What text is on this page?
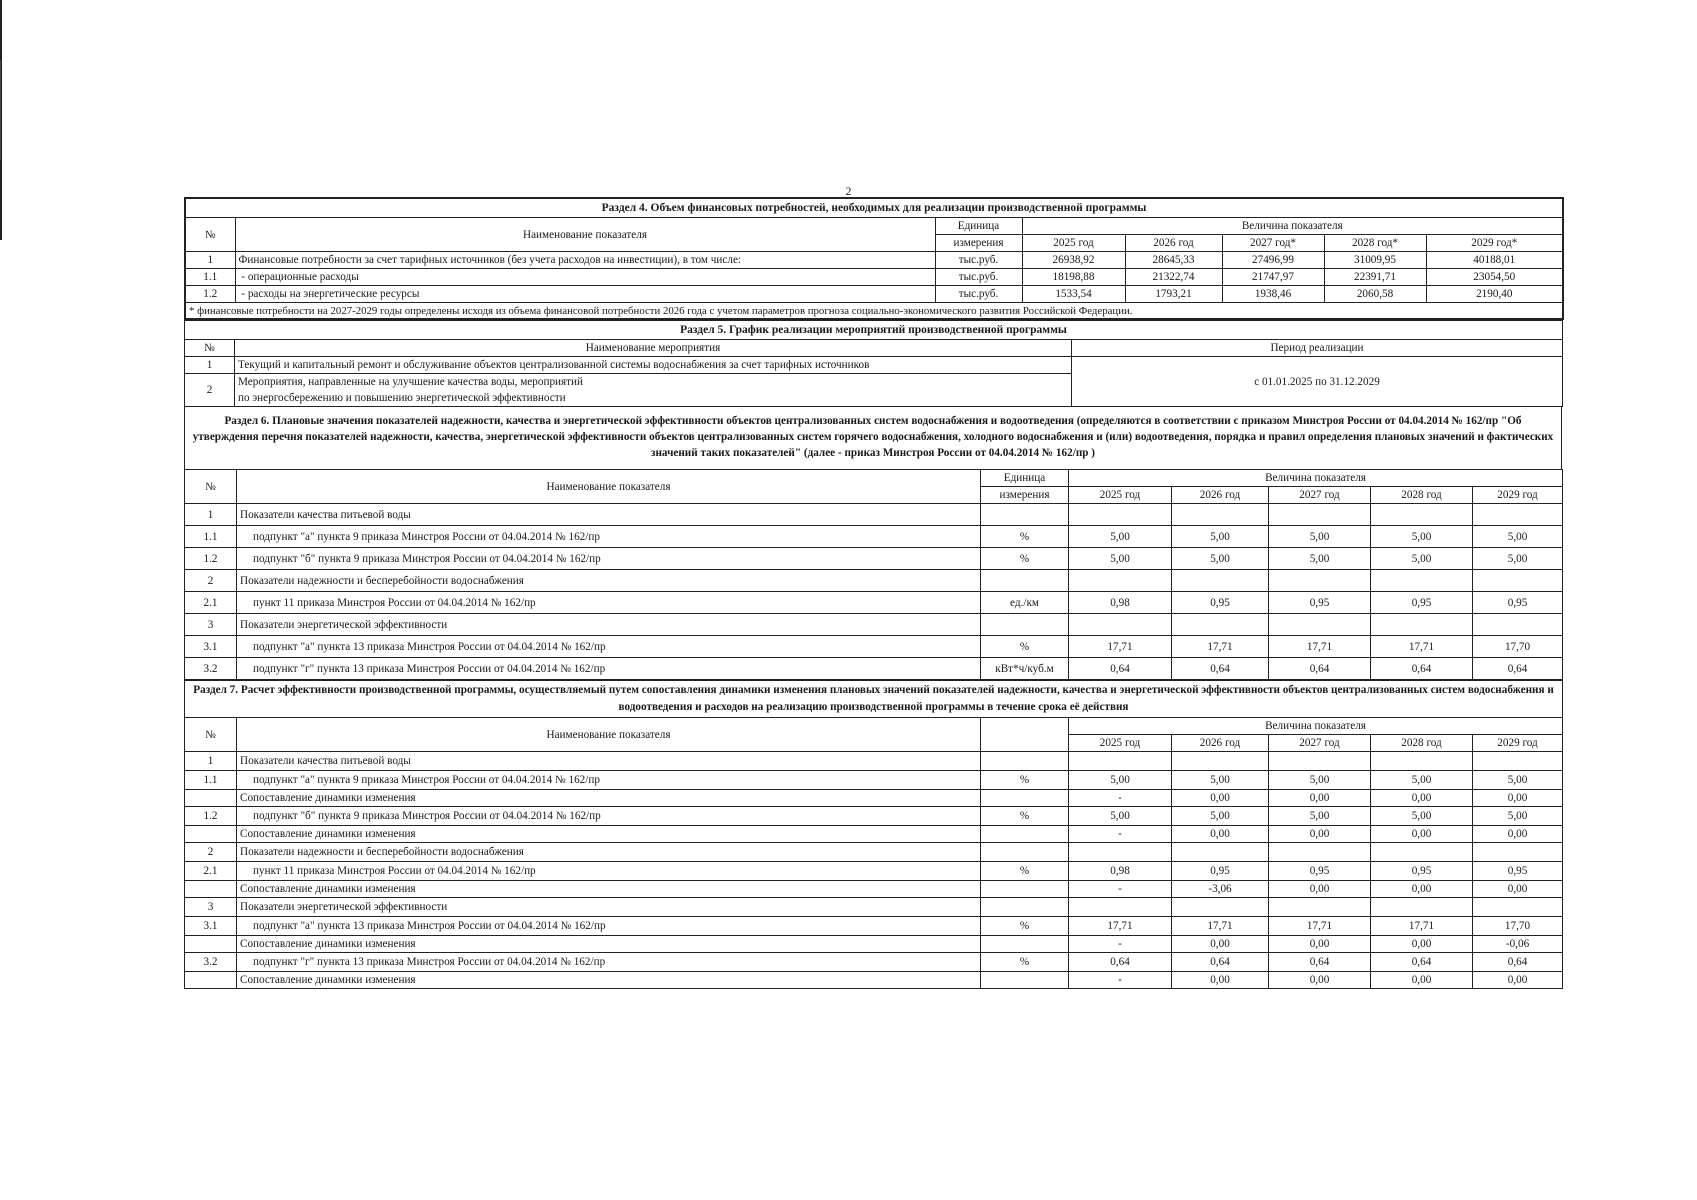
2
Раздел 4. Объем финансовых потребностей, необходимых для реализации производственной программы							
№	Наименование показателя	Единица	Величина показателя				
		измерения	2025 год	2026 год	2027 год*	2028 год*	2029 год*
1	Финансовые потребности за счет тарифных источников (без учета расходов на инвестиции), в том числе:	тыс.руб.	26938,92	28645,33	27496,99	31009,95	40188,01
1.1	- операционные расходы	тыс.руб.	18198,88	21322,74	21747,97	22391,71	23054,50
1.2	- расходы на энергетические ресурсы	тыс.руб.	1533,54	1793,21	1938,46	2060,58	2190,40
* финансовые потребности на 2027-2029 годы определены исходя из объема финансовой потребности 2026 года с учетом параметров прогноза социально-экономического развития Российской Федерации.							
Раздел 5. График реализации мероприятий производственной программы		
№	Наименование мероприятия	Период реализации
1	Текущий и капитальный ремонт и обслуживание объектов централизованной системы водоснабжения за счет тарифных источников	с 01.01.2025 по 31.12.2029
2	Мероприятия, направленные на улучшение качества воды, мероприятий
по энергосбережению и повышению энергетической эффективности	
Раздел 6. Плановые значения показателей надежности, качества и энергетической эффективности объектов централизованных систем водоснабжения и водоотведения (определяются в соответствии с приказом Минстроя России от 04.04.2014 № 162/пр "Об утверждения перечня показателей надежности, качества, энергетической эффективности объектов централизованных систем горячего водоснабжения, холодного водоснабжения и (или) водоотведения, порядка и правил определения плановых значений и фактических значений таких показателей" (далее - приказ Минстроя России от 04.04.2014 № 162/пр )
№	Наименование показателя	Единица	Величина показателя				
		измерения	2025 год	2026 год	2027 год	2028 год	2029 год
1	Показатели качества питьевой воды						
1.1	подпункт "а" пункта 9 приказа Минстроя России от 04.04.2014 № 162/пр	%	5,00	5,00	5,00	5,00	5,00
1.2	подпункт "б" пункта 9 приказа Минстроя России от 04.04.2014 № 162/пр	%	5,00	5,00	5,00	5,00	5,00
2	Показатели надежности и бесперебойности водоснабжения						
2.1	пункт 11 приказа Минстроя России от 04.04.2014 № 162/пр	ед./км	0,98	0,95	0,95	0,95	0,95
3	Показатели энергетической эффективности						
3.1	подпункт "а" пункта 13 приказа Минстроя России от 04.04.2014 № 162/пр	%	17,71	17,71	17,71	17,71	17,70
3.2	подпункт "г" пункта 13 приказа Минстроя России от 04.04.2014 № 162/пр	кВт*ч/куб.м	0,64	0,64	0,64	0,64	0,64
Раздел 7. Расчет эффективности производственной программы, осуществляемый путем сопоставления динамики изменения плановых значений показателей надежности, качества и энергетической эффективности объектов централизованных систем водоснабжения и водоотведения и расходов на реализацию производственной программы в течение срока её действия							
№	Наименование показателя		Величина показателя				
			2025 год	2026 год	2027 год	2028 год	2029 год
1	Показатели качества питьевой воды						
1.1	подпункт "а" пункта 9 приказа Минстроя России от 04.04.2014 № 162/пр	%	5,00	5,00	5,00	5,00	5,00
	Сопоставление динамики изменения		-	0,00	0,00	0,00	0,00
1.2	подпункт "б" пункта 9 приказа Минстроя России от 04.04.2014 № 162/пр	%	5,00	5,00	5,00	5,00	5,00
	Сопоставление динамики изменения		-	0,00	0,00	0,00	0,00
2	Показатели надежности и бесперебойности водоснабжения						
2.1	пункт 11 приказа Минстроя России от 04.04.2014 № 162/пр	%	0,98	0,95	0,95	0,95	0,95
	Сопоставление динамики изменения		-	-3,06	0,00	0,00	0,00
3	Показатели энергетической эффективности						
3.1	подпункт "а" пункта 13 приказа Минстроя России от 04.04.2014 № 162/пр	%	17,71	17,71	17,71	17,71	17,70
	Сопоставление динамики изменения		-	0,00	0,00	0,00	-0,06
3.2	подпункт "г" пункта 13 приказа Минстроя России от 04.04.2014 № 162/пр	%	0,64	0,64	0,64	0,64	0,64
	Сопоставление динамики изменения		-	0,00	0,00	0,00	0,00
